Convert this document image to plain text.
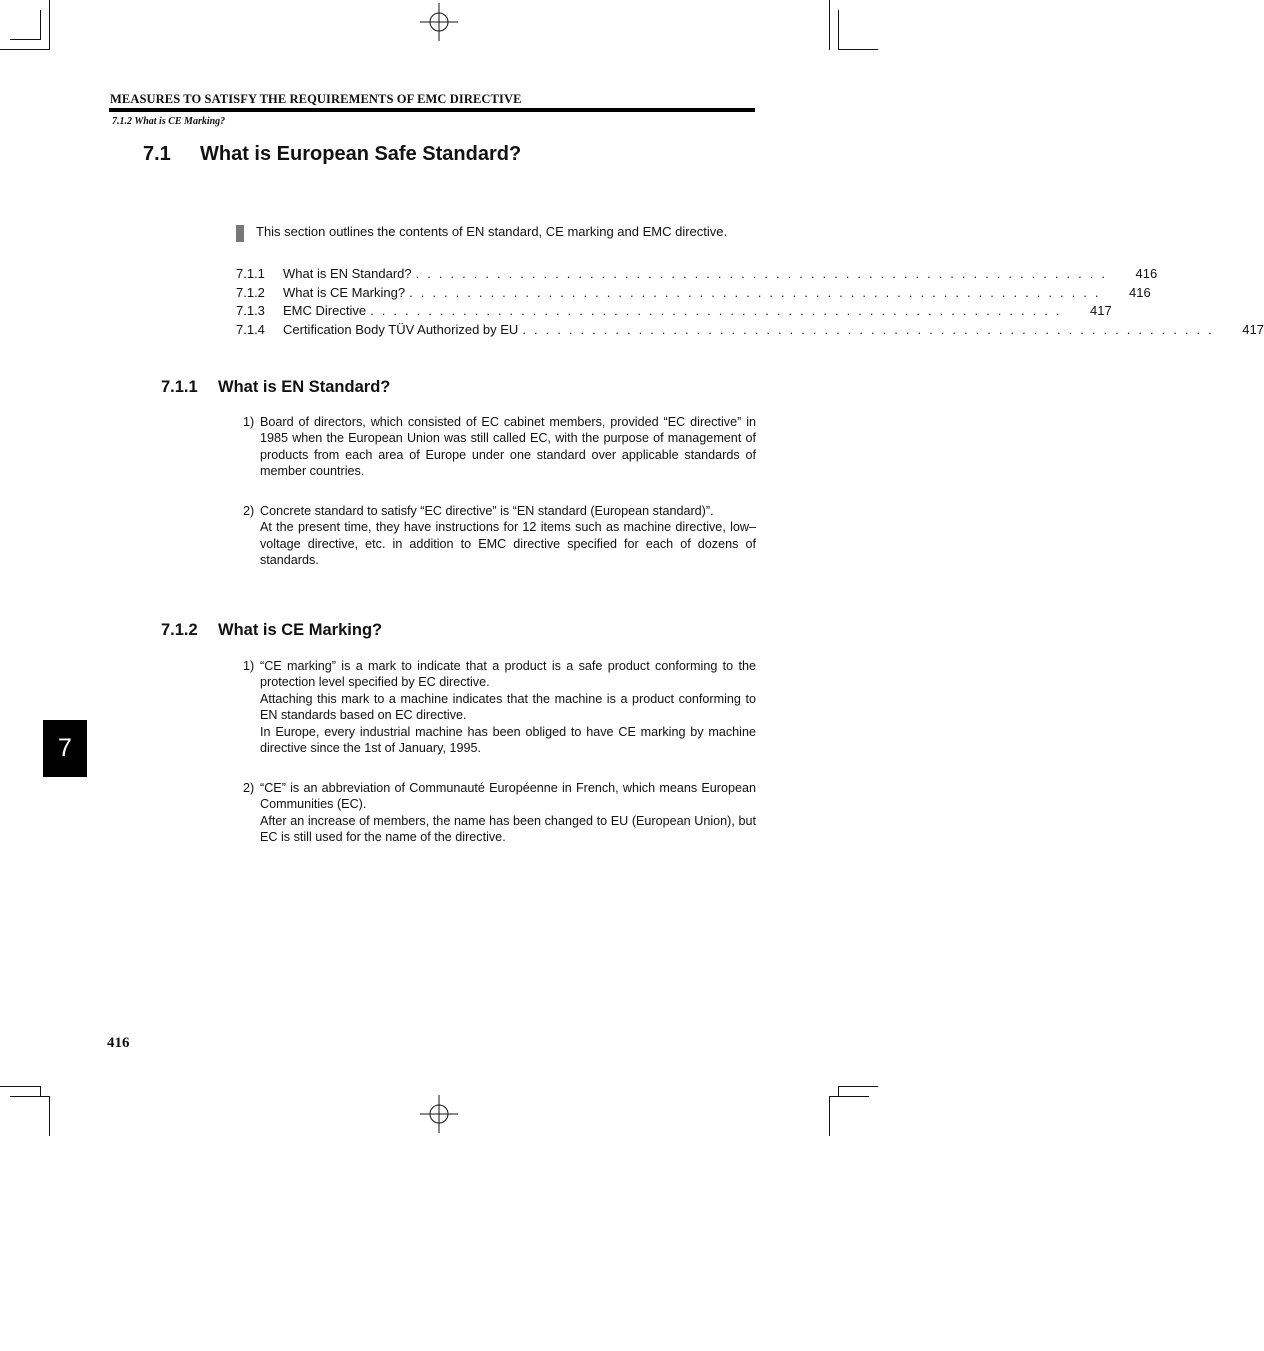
MEASURES TO SATISFY THE REQUIREMENTS OF EMC DIRECTIVE
7.1.2 What is CE Marking?
7.1 What is European Safe Standard?
This section outlines the contents of EN standard, CE marking and EMC directive.
7.1.1	What is EN Standard? . . . . . . . . . . . . . . . . . . . . . . . . . . . . . . . . . . . . . . . . . . . . . . . . . . . . . . . . . . . .	416
7.1.2	What is CE Marking? . . . . . . . . . . . . . . . . . . . . . . . . . . . . . . . . . . . . . . . . . . . . . . . . . . . . . . . . . . . .	416
7.1.3	EMC Directive . . . . . . . . . . . . . . . . . . . . . . . . . . . . . . . . . . . . . . . . . . . . . . . . . . . . . . . . . . . .	417
7.1.4	Certification Body TÜV Authorized by EU . . . . . . . . . . . . . . . . . . . . . . . . . . . . . . . . . . . . . . . . . . . . . . . . . . . . . . . . . . . .	417
7.1.1 What is EN Standard?
1) Board of directors, which consisted of EC cabinet members, provided “EC directive” in 1985 when the European Union was still called EC, with the purpose of management of products from each area of Europe under one standard over applicable standards of member countries.

2) Concrete standard to satisfy “EC directive” is “EN standard (European standard)”.

At the present time, they have instructions for 12 items such as machine directive, low–voltage directive, etc. in addition to EMC directive specified for each of dozens of standards.

7.1.2 What is CE Marking?
1) “CE marking” is a mark to indicate that a product is a safe product conforming to the protection level specified by EC directive.

Attaching this mark to a machine indicates that the machine is a product conforming to EN standards based on EC directive.

In Europe, every industrial machine has been obliged to have CE marking by machine directive since the 1st of January, 1995.

2) “CE” is an abbreviation of Communauté Européenne in French, which means European Communities (EC).

After an increase of members, the name has been changed to EU (European Union), but EC is still used for the name of the directive.

7
416
